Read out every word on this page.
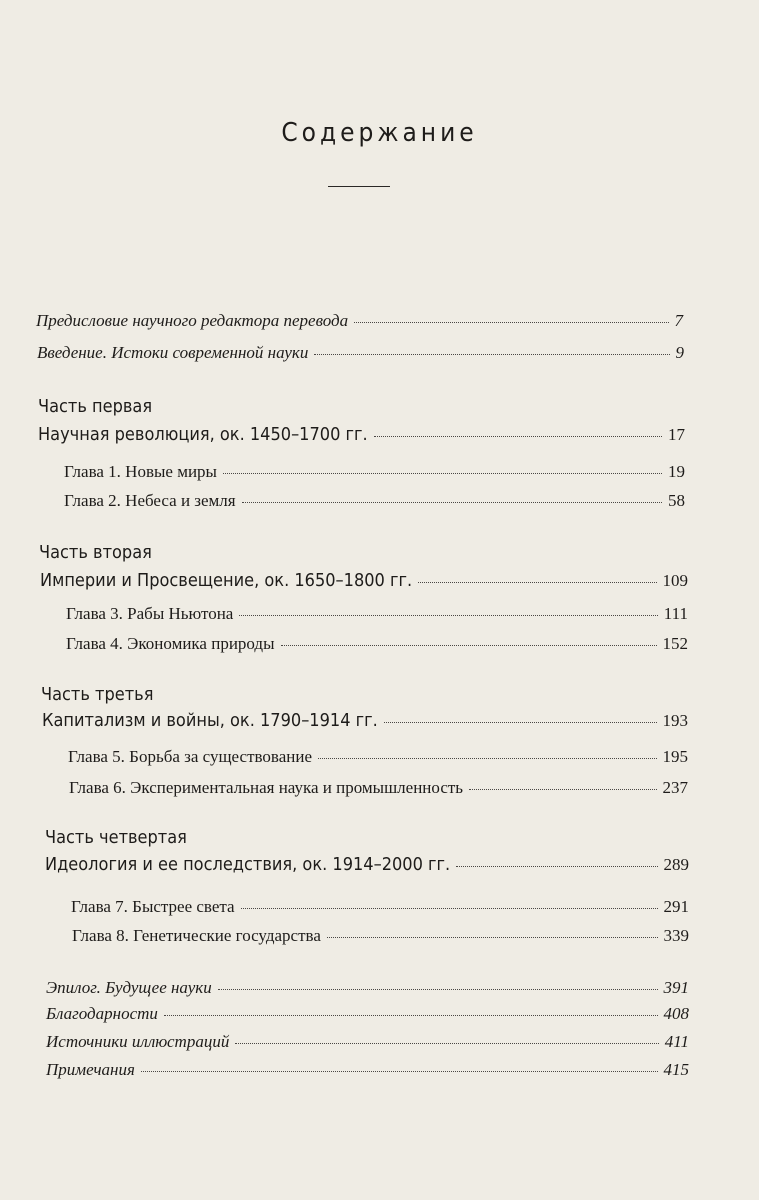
Содержание
Предисловие научного редактора перевода	7
Введение. Истоки современной науки	9
Часть первая
Научная революция, ок. 1450–1700 гг.	17
Глава 1. Новые миры	19
Глава 2. Небеса и земля	58
Часть вторая
Империи и Просвещение, ок. 1650–1800 гг.	109
Глава 3. Рабы Ньютона	111
Глава 4. Экономика природы	152
Часть третья
Капитализм и войны, ок. 1790–1914 гг.	193
Глава 5. Борьба за существование	195
Глава 6. Экспериментальная наука и промышленность	237
Часть четвертая
Идеология и ее последствия, ок. 1914–2000 гг.	289
Глава 7. Быстрее света	291
Глава 8. Генетические государства	339
Эпилог. Будущее науки	391
Благодарности	408
Источники иллюстраций	411
Примечания	415
